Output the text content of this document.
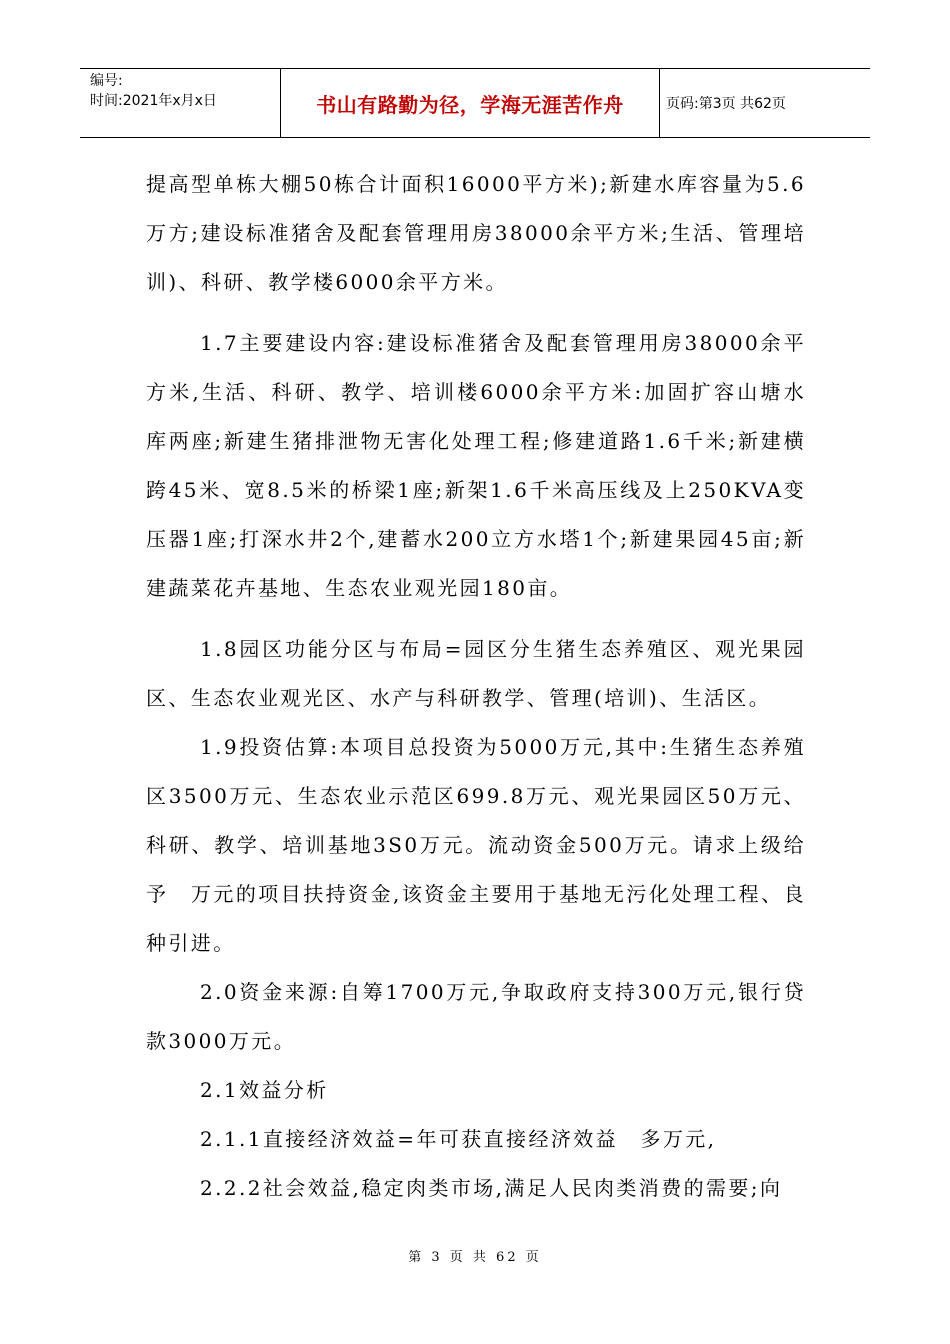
编号:
时间:2021年x月x日	书山有路勤为径，学海无涯苦作舟	页码:第3页 共62页

提高型单栋大棚50栋合计面积16000平方米);新建水库容量为5.6万方;建设标准猪舍及配套管理用房38000余平方米;生活、管理培训)、科研、教学楼6000余平方米。

1.7主要建设内容:建设标准猪舍及配套管理用房38000余平方米,生活、科研、教学、培训楼6000余平方米:加固扩容山塘水库两座;新建生猪排泄物无害化处理工程;修建道路1.6千米;新建横跨45米、宽8.5米的桥梁1座;新架1.6千米高压线及上250KVA变压器1座;打深水井2个,建蓄水200立方水塔1个;新建果园45亩;新建蔬菜花卉基地、生态农业观光园180亩。

1.8园区功能分区与布局=园区分生猪生态养殖区、观光果园区、生态农业观光区、水产与科研教学、管理(培训)、生活区。

1.9投资估算:本项目总投资为5000万元,其中:生猪生态养殖区3500万元、生态农业示范区699.8万元、观光果园区50万元、科研、教学、培训基地3S0万元。流动资金500万元。请求上级给予　万元的项目扶持资金,该资金主要用于基地无污化处理工程、良种引进。

2.0资金来源:自筹1700万元,争取政府支持300万元,银行贷款3000万元。

2.1效益分析

2.1.1直接经济效益=年可获直接经济效益　多万元,

2.2.2社会效益,稳定肉类市场,满足人民肉类消费的需要;向

第 3 页 共 62 页
